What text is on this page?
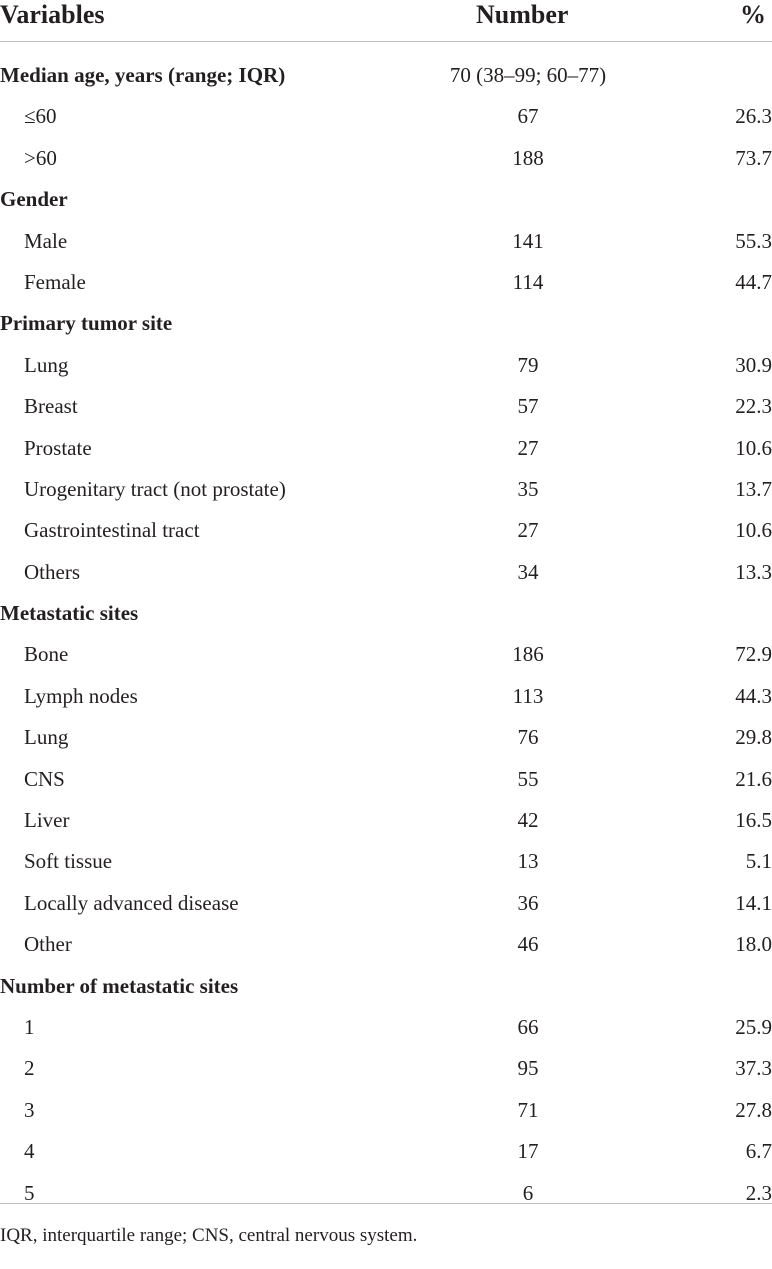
Variables	Number	%
Median age, years (range; IQR)	70 (38–99; 60–77)
≤60	67	26.3
>60	188	73.7
Gender
Male	141	55.3
Female	114	44.7
Primary tumor site
Lung	79	30.9
Breast	57	22.3
Prostate	27	10.6
Urogenitary tract (not prostate)	35	13.7
Gastrointestinal tract	27	10.6
Others	34	13.3
Metastatic sites
Bone	186	72.9
Lymph nodes	113	44.3
Lung	76	29.8
CNS	55	21.6
Liver	42	16.5
Soft tissue	13	5.1
Locally advanced disease	36	14.1
Other	46	18.0
Number of metastatic sites
1	66	25.9
2	95	37.3
3	71	27.8
4	17	6.7
5	6	2.3
IQR, interquartile range; CNS, central nervous system.
